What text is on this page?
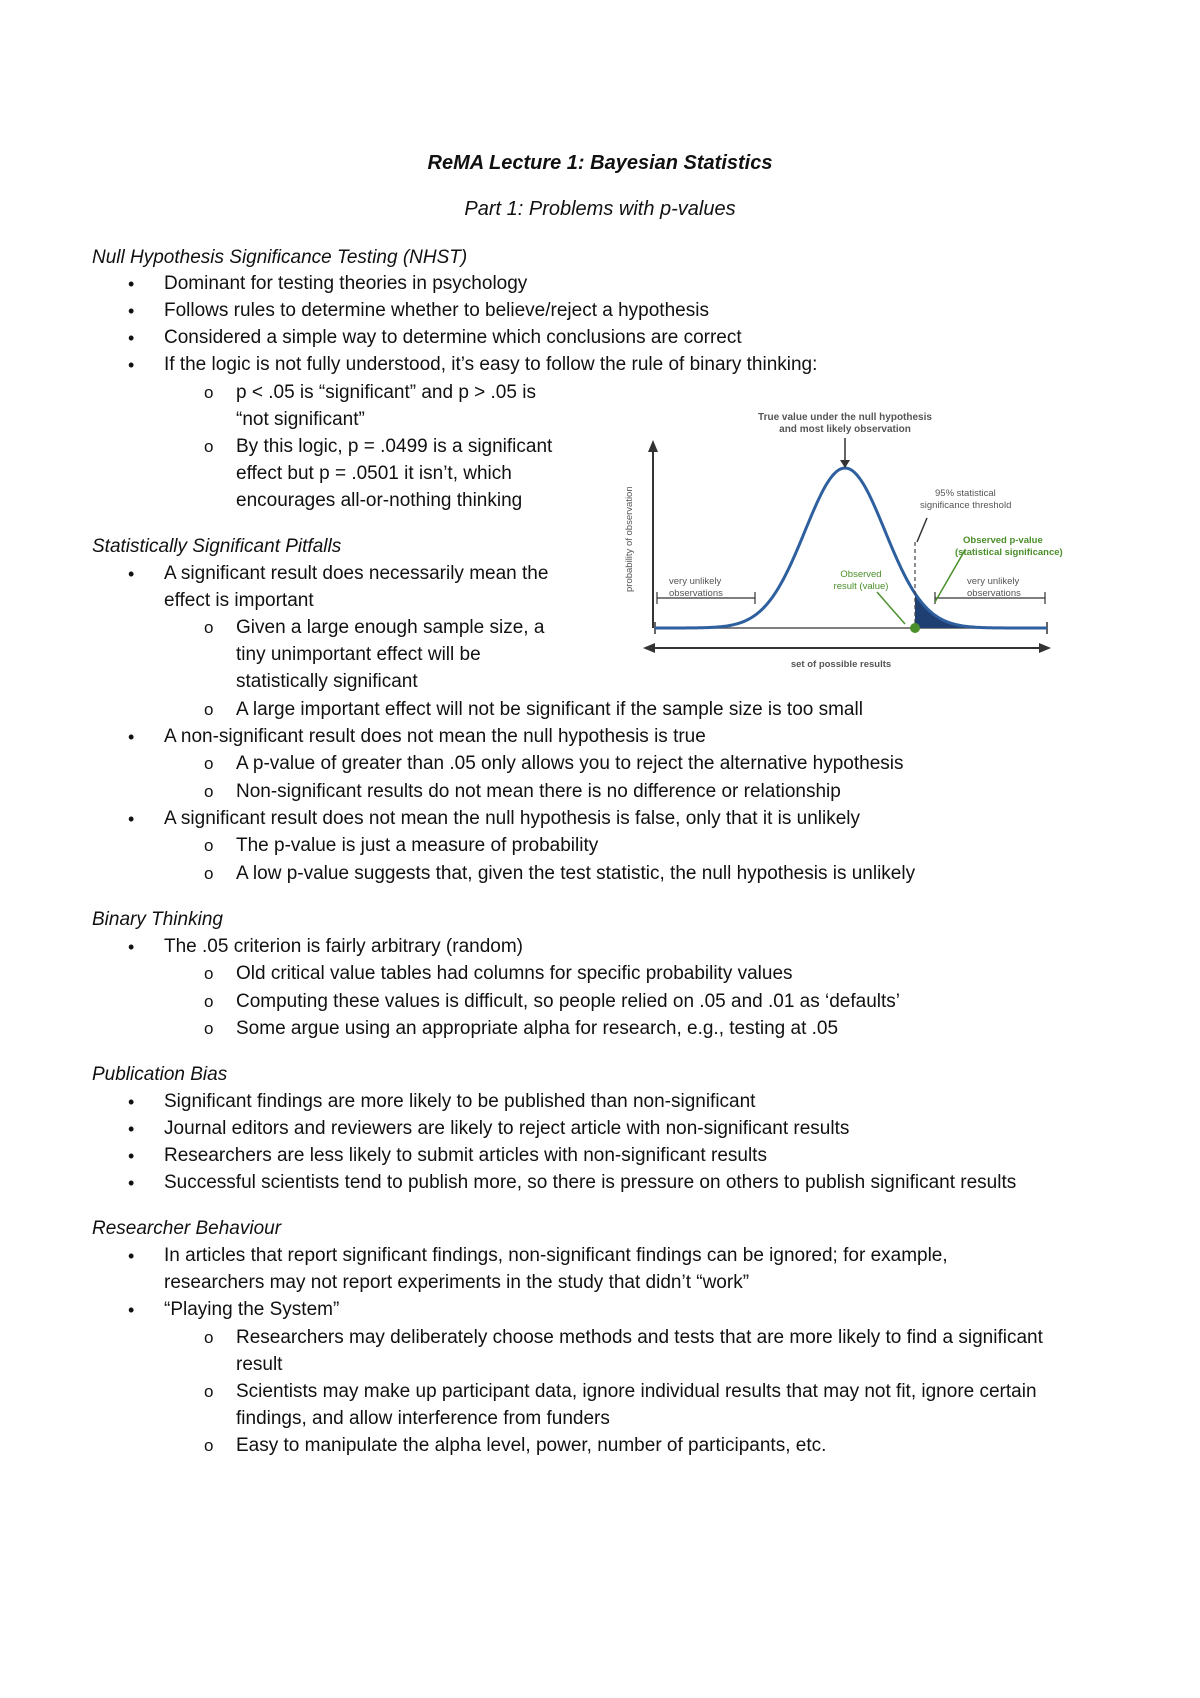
ReMA Lecture 1: Bayesian Statistics
Part 1: Problems with p-values
Null Hypothesis Significance Testing (NHST)
• Dominant for testing theories in psychology
• Follows rules to determine whether to believe/reject a hypothesis
• Considered a simple way to determine which conclusions are correct
• If the logic is not fully understood, it’s easy to follow the rule of binary thinking:
o p < .05 is “significant” and p > .05 is
“not significant”
o By this logic, p = .0499 is a significant
effect but p = .0501 it isn’t, which
encourages all-or-nothing thinking
Statistically Significant Pitfalls
• A significant result does necessarily mean the
effect is important
o Given a large enough sample size, a
tiny unimportant effect will be
statistically significant
o A large important effect will not be significant if the sample size is too small
• A non-significant result does not mean the null hypothesis is true
o A p-value of greater than .05 only allows you to reject the alternative hypothesis
o Non-significant results do not mean there is no difference or relationship
• A significant result does not mean the null hypothesis is false, only that it is unlikely
o The p-value is just a measure of probability
o A low p-value suggests that, given the test statistic, the null hypothesis is unlikely
Binary Thinking
• The .05 criterion is fairly arbitrary (random)
o Old critical value tables had columns for specific probability values
o Computing these values is difficult, so people relied on .05 and .01 as ‘defaults’
o Some argue using an appropriate alpha for research, e.g., testing at .05
Publication Bias
• Significant findings are more likely to be published than non-significant
• Journal editors and reviewers are likely to reject article with non-significant results
• Researchers are less likely to submit articles with non-significant results
• Successful scientists tend to publish more, so there is pressure on others to publish significant results
Researcher Behaviour
• In articles that report significant findings, non-significant findings can be ignored; for example,
researchers may not report experiments in the study that didn’t “work”
• “Playing the System”
o Researchers may deliberately choose methods and tests that are more likely to find a significant
result
o Scientists may make up participant data, ignore individual results that may not fit, ignore certain
findings, and allow interference from funders
o Easy to manipulate the alpha level, power, number of participants, etc.
True value under the null hypothesis
and most likely observation
95% statistical
significance threshold
Observed p-value
(statistical significance)
Observed
result (value)
very unlikely
observations
very unlikely
observations
probability of observation
set of possible results
